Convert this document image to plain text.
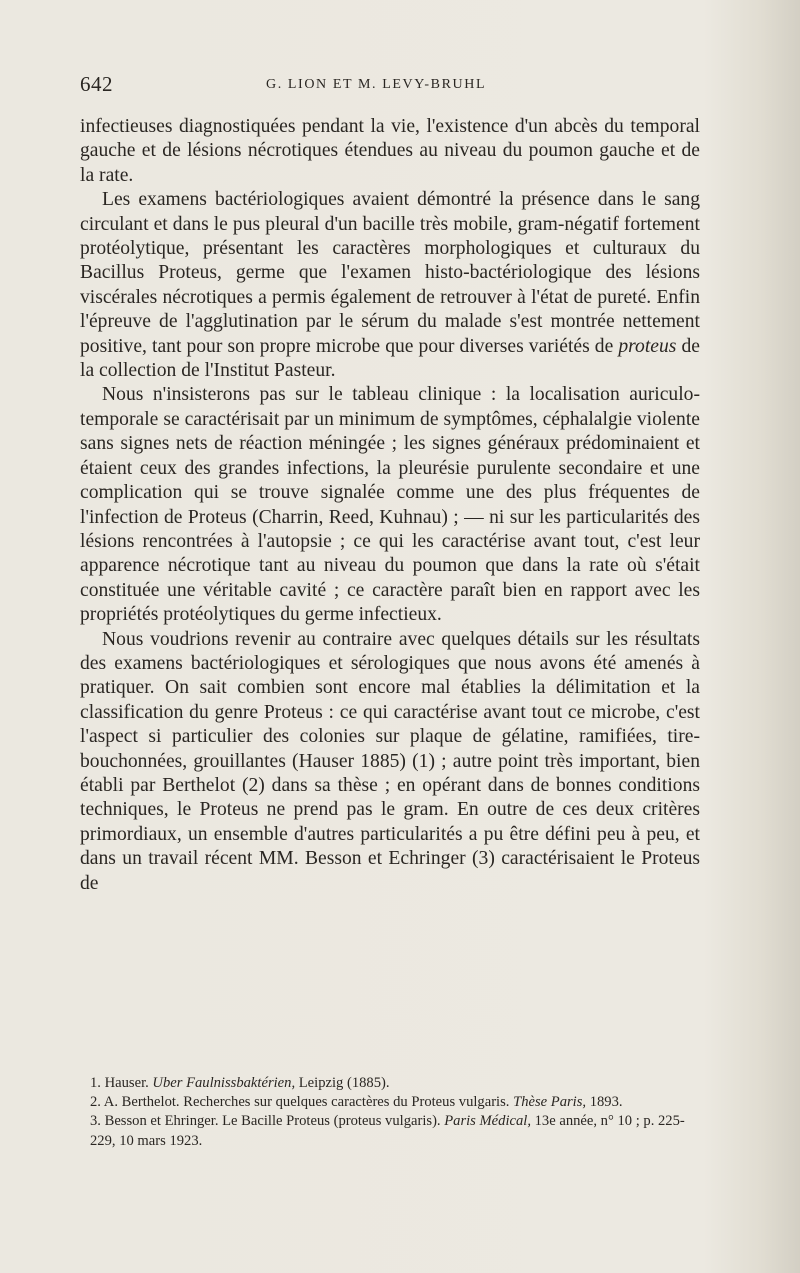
642	G. LION ET M. LEVY-BRUHL

infectieuses diagnostiquées pendant la vie, l'existence d'un abcès du temporal gauche et de lésions nécrotiques étendues au niveau du poumon gauche et de la rate.

Les examens bactériologiques avaient démontré la présence dans le sang circulant et dans le pus pleural d'un bacille très mobile, gram-négatif fortement protéolytique, présentant les caractères morphologiques et culturaux du Bacillus Proteus, germe que l'examen histo-bactériologique des lésions viscérales nécrotiques a permis également de retrouver à l'état de pureté. Enfin l'épreuve de l'agglutination par le sérum du malade s'est montrée nettement positive, tant pour son propre microbe que pour diverses variétés de proteus de la collection de l'Institut Pasteur.

Nous n'insisterons pas sur le tableau clinique : la localisation auriculo-temporale se caractérisait par un minimum de symptômes, céphalalgie violente sans signes nets de réaction méningée ; les signes généraux prédominaient et étaient ceux des grandes infections, la pleurésie purulente secondaire et une complication qui se trouve signalée comme une des plus fréquentes de l'infection de Proteus (Charrin, Reed, Kuhnau) ; — ni sur les particularités des lésions rencontrées à l'autopsie ; ce qui les caractérise avant tout, c'est leur apparence nécrotique tant au niveau du poumon que dans la rate où s'était constituée une véritable cavité ; ce caractère paraît bien en rapport avec les propriétés protéolytiques du germe infectieux.

Nous voudrions revenir au contraire avec quelques détails sur les résultats des examens bactériologiques et sérologiques que nous avons été amenés à pratiquer. On sait combien sont encore mal établies la délimitation et la classification du genre Proteus : ce qui caractérise avant tout ce microbe, c'est l'aspect si particulier des colonies sur plaque de gélatine, ramifiées, tire-bouchonnées, grouillantes (Hauser 1885) (1) ; autre point très important, bien établi par Berthelot (2) dans sa thèse ; en opérant dans de bonnes conditions techniques, le Proteus ne prend pas le gram. En outre de ces deux critères primordiaux, un ensemble d'autres particularités a pu être défini peu à peu, et dans un travail récent MM. Besson et Echringer (3) caractérisaient le Proteus de

1. Hauser. Uber Faulnissbaktérien, Leipzig (1885).

2. A. Berthelot. Recherches sur quelques caractères du Proteus vulgaris. Thèse Paris, 1893.

3. Besson et Ehringer. Le Bacille Proteus (proteus vulgaris). Paris Médical, 13e année, n° 10 ; p. 225-229, 10 mars 1923.
